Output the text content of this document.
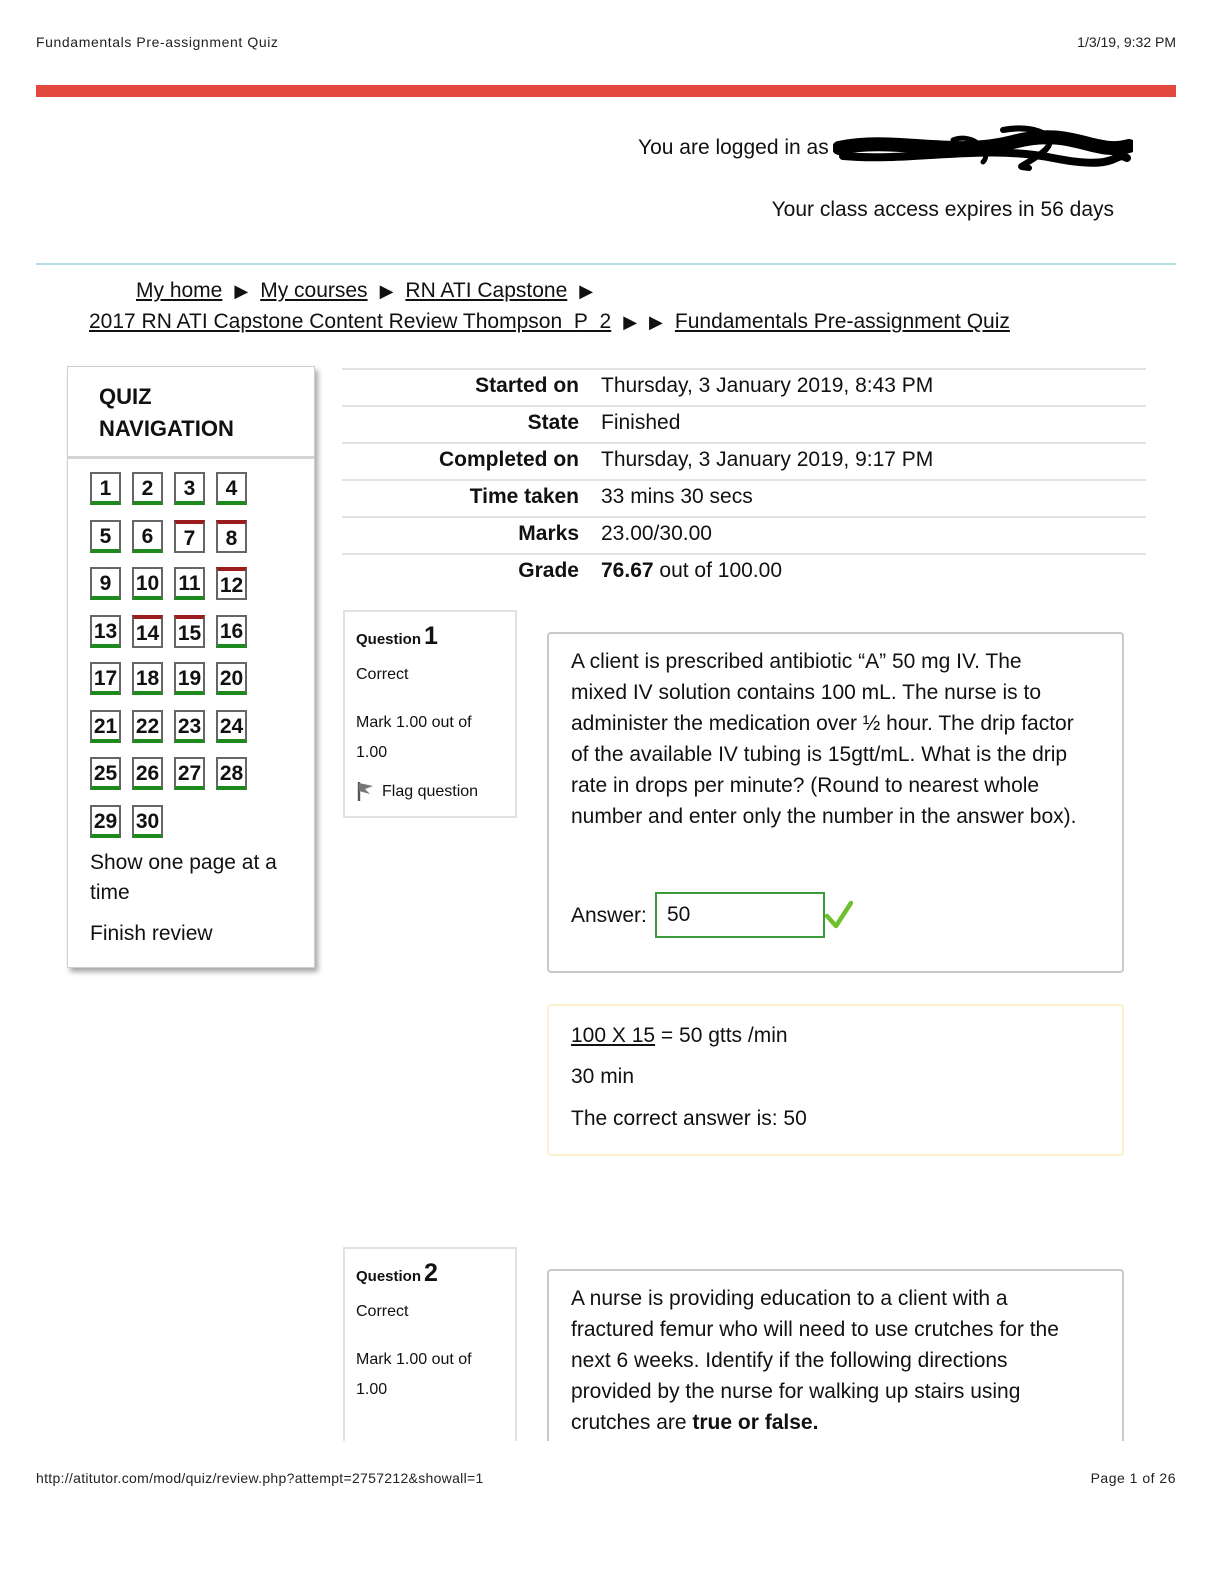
Fundamentals Pre-assignment Quiz	1/3/19, 9:32 PM
You are logged in as
Your class access expires in 56 days
My home ▶ My courses ▶ RN ATI Capstone ▶
2017 RN ATI Capstone Content Review Thompson_P_2 ▶ ▶ Fundamentals Pre-assignment Quiz
QUIZ
NAVIGATION
1	2	3	4
5	6	7	8
9	10 11 12
13 14 15 16
17 18 19 20
21 22 23 24
25 26 27 28
29 30
Show one page at a time
Finish review
Started on Thursday, 3 January 2019, 8:43 PM
State Finished
Completed on Thursday, 3 January 2019, 9:17 PM
Time taken 33 mins 30 secs
Marks 23.00/30.00
Grade 76.67 out of 100.00
Question 1
Correct
Mark 1.00 out of 1.00
Flag question
A client is prescribed antibiotic “A” 50 mg IV. The mixed IV solution contains 100 mL. The nurse is to administer the medication over ½ hour. The drip factor of the available IV tubing is 15gtt/mL. What is the drip rate in drops per minute? (Round to nearest whole number and enter only the number in the answer box).
Answer:
50
100 X 15 = 50 gtts /min
30 min
The correct answer is: 50
Question 2
Correct
Mark 1.00 out of 1.00
A nurse is providing education to a client with a fractured femur who will need to use crutches for the next 6 weeks. Identify if the following directions provided by the nurse for walking up stairs using crutches are true or false.
http://atitutor.com/mod/quiz/review.php?attempt=2757212&showall=1	Page 1 of 26
